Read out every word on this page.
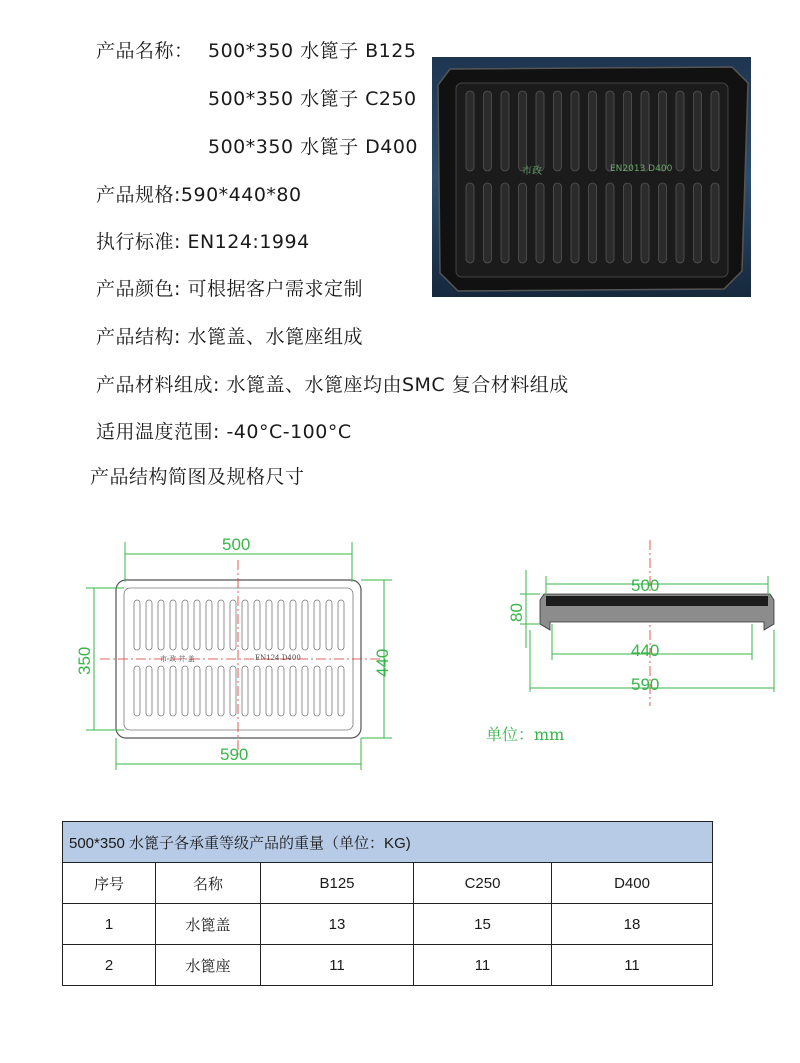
产品名称： 500*350 水篦子 B125
500*350 水篦子 C250
500*350 水篦子 D400
产品规格:590*440*80
执行标准: EN124:1994
产品颜色: 可根据客户需求定制
产品结构: 水篦盖、水篦座组成
产品材料组成: 水篦盖、水篦座均由SMC 复合材料组成
适用温度范围: -40°C-100°C
产品结构简图及规格尺寸
市政	EN2013 D400
市 政 井 盖	EN124 D400
500
590
350	440
500
440
590
80
单位：mm
500*350 水篦子各承重等级产品的重量（单位：KG)				
序号	名称	B125	C250	D400
1	水篦盖	13	15	18
2	水篦座	11	11	11
